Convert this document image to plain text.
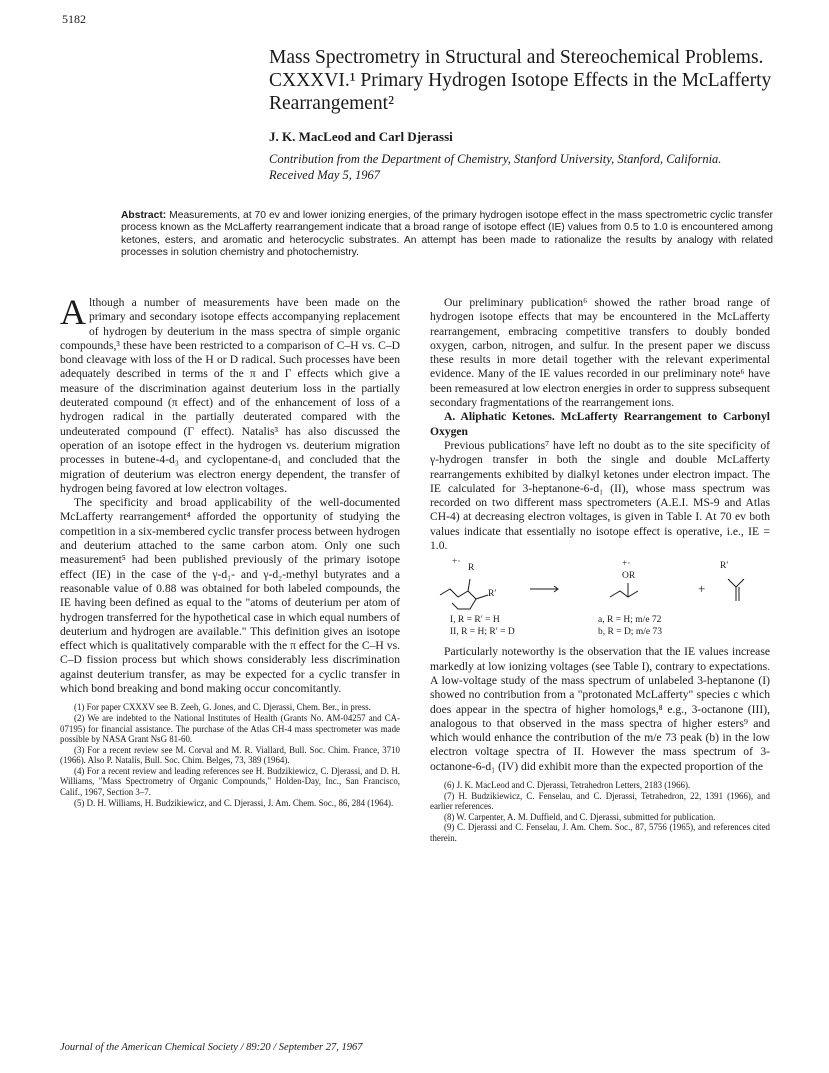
5182
Mass Spectrometry in Structural and Stereochemical Problems. CXXXVI.¹ Primary Hydrogen Isotope Effects in the McLafferty Rearrangement²
J. K. MacLeod and Carl Djerassi
Contribution from the Department of Chemistry, Stanford University, Stanford, California. Received May 5, 1967
Abstract: Measurements, at 70 ev and lower ionizing energies, of the primary hydrogen isotope effect in the mass spectrometric cyclic transfer process known as the McLafferty rearrangement indicate that a broad range of isotope effect (IE) values from 0.5 to 1.0 is encountered among ketones, esters, and aromatic and heterocyclic substrates. An attempt has been made to rationalize the results by analogy with related processes in solution chemistry and photochemistry.

Although a number of measurements have been made on the primary and secondary isotope effects accompanying replacement of hydrogen by deuterium in the mass spectra of simple organic compounds,³ these have been restricted to a comparison of C–H vs. C–D bond cleavage with loss of the H or D radical. Such processes have been adequately described in terms of the π and Γ effects which give a measure of the discrimination against deuterium loss in the partially deuterated compound (π effect) and of the enhancement of loss of a hydrogen radical in the partially deuterated compared with the undeuterated compound (Γ effect). Natalis³ has also discussed the operation of an isotope effect in the hydrogen vs. deuterium migration processes in butene-4-d₃ and cyclopentane-d₁ and concluded that the migration of deuterium was electron energy dependent, the transfer of hydrogen being favored at low electron voltages.

The specificity and broad applicability of the well-documented McLafferty rearrangement⁴ afforded the opportunity of studying the competition in a six-membered cyclic transfer process between hydrogen and deuterium attached to the same carbon atom. Only one such measurement⁵ had been published previously of the primary isotope effect (IE) in the case of the γ-d₁- and γ-d₂-methyl butyrates and a reasonable value of 0.88 was obtained for both labeled compounds, the IE having been defined as equal to the "atoms of deuterium per atom of hydrogen transferred for the hypothetical case in which equal numbers of deuterium and hydrogen are available." This definition gives an isotope effect which is qualitatively comparable with the π effect for the C–H vs. C–D fission process but which shows considerably less discrimination against deuterium transfer, as may be expected for a cyclic transfer in which bond breaking and bond making occur concomitantly.

(1) For paper CXXXV see B. Zeeh, G. Jones, and C. Djerassi, Chem. Ber., in press.

(2) We are indebted to the National Institutes of Health (Grants No. AM-04257 and CA-07195) for financial assistance. The purchase of the Atlas CH-4 mass spectrometer was made possible by NASA Grant NsG 81-60.

(3) For a recent review see M. Corval and M. R. Viallard, Bull. Soc. Chim. France, 3710 (1966). Also P. Natalis, Bull. Soc. Chim. Belges, 73, 389 (1964).

(4) For a recent review and leading references see H. Budzikiewicz, C. Djerassi, and D. H. Williams, "Mass Spectrometry of Organic Compounds," Holden-Day, Inc., San Francisco, Calif., 1967, Section 3–7.

(5) D. H. Williams, H. Budzikiewicz, and C. Djerassi, J. Am. Chem. Soc., 86, 284 (1964).

Our preliminary publication⁶ showed the rather broad range of hydrogen isotope effects that may be encountered in the McLafferty rearrangement, embracing competitive transfers to doubly bonded oxygen, carbon, nitrogen, and sulfur. In the present paper we discuss these results in more detail together with the relevant experimental evidence. Many of the IE values recorded in our preliminary note⁶ have been remeasured at low electron energies in order to suppress subsequent secondary fragmentations of the rearrangement ions.

A. Aliphatic Ketones. McLafferty Rearrangement to Carbonyl Oxygen

Previous publications⁷ have left no doubt as to the site specificity of γ-hydrogen transfer in both the single and double McLafferty rearrangements exhibited by dialkyl ketones under electron impact. The IE calculated for 3-heptanone-6-d₁ (II), whose mass spectrum was recorded on two different mass spectrometers (A.E.I. MS-9 and Atlas CH-4) at decreasing electron voltages, is given in Table I. At 70 ev both values indicate that essentially no isotope effect is operative, i.e., IE = 1.0.

+·
R
R′
I, R = R′ = H
II, R = H; R′ = D
+·
OR
a, R = H; m/e 72
b, R = D; m/e 73
+
R′

Particularly noteworthy is the observation that the IE values increase markedly at low ionizing voltages (see Table I), contrary to expectations. A low-voltage study of the mass spectrum of unlabeled 3-heptanone (I) showed no contribution from a "protonated McLafferty" species c which does appear in the spectra of higher homologs,⁸ e.g., 3-octanone (III), analogous to that observed in the mass spectra of higher esters⁹ and which would enhance the contribution of the m/e 73 peak (b) in the low electron voltage spectra of II. However the mass spectrum of 3-octanone-6-d₁ (IV) did exhibit more than the expected proportion of the

(6) J. K. MacLeod and C. Djerassi, Tetrahedron Letters, 2183 (1966).

(7) H. Budzikiewicz, C. Fenselau, and C. Djerassi, Tetrahedron, 22, 1391 (1966), and earlier references.

(8) W. Carpenter, A. M. Duffield, and C. Djerassi, submitted for publication.

(9) C. Djerassi and C. Fenselau, J. Am. Chem. Soc., 87, 5756 (1965), and references cited therein.

Journal of the American Chemical Society / 89:20 / September 27, 1967
